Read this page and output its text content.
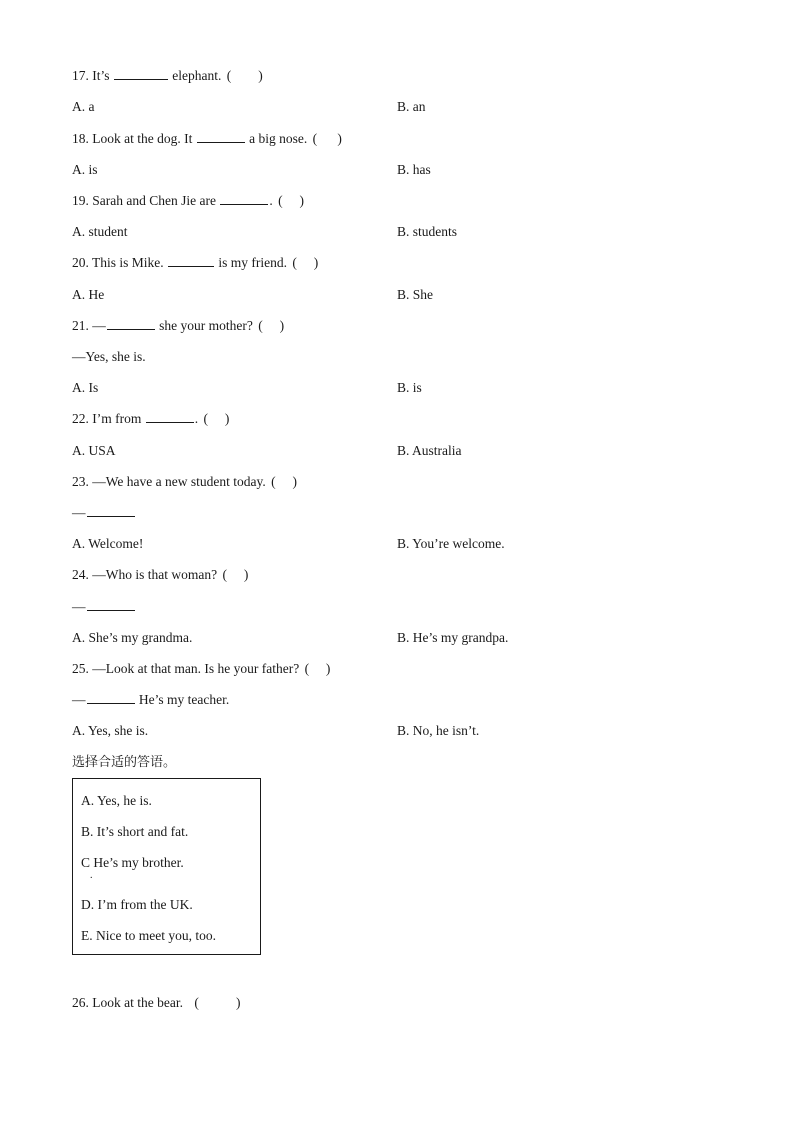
17. It’s	elephant. (        )
A. a	B. an
18. Look at the dog. It	a big nose. (      )
A. is	B. has
19. Sarah and Chen Jie are	. (     )
A. student	B. students
20. This is Mike.	is my friend. (     )
A. He	B. She
21. —	she your mother? (     )
—Yes, she is.
A. Is	B. is
22. I’m from	. (     )
A. USA	B. Australia
23. —We have a new student today. (     )
—
A. Welcome!	B. You’re welcome.
24. —Who is that woman? (     )
—
A. She’s my grandma.	B. He’s my grandpa.
25. —Look at that man. Is he your father? (     )
—	He’s my teacher.
A. Yes, she is.	B. No, he isn’t.
选择合适的答语。
A. Yes, he is.
B. It’s short and fat.
C He’s my brother.
.
D. I’m from the UK.
E. Nice to meet you, too.
26. Look at the bear. (           )
